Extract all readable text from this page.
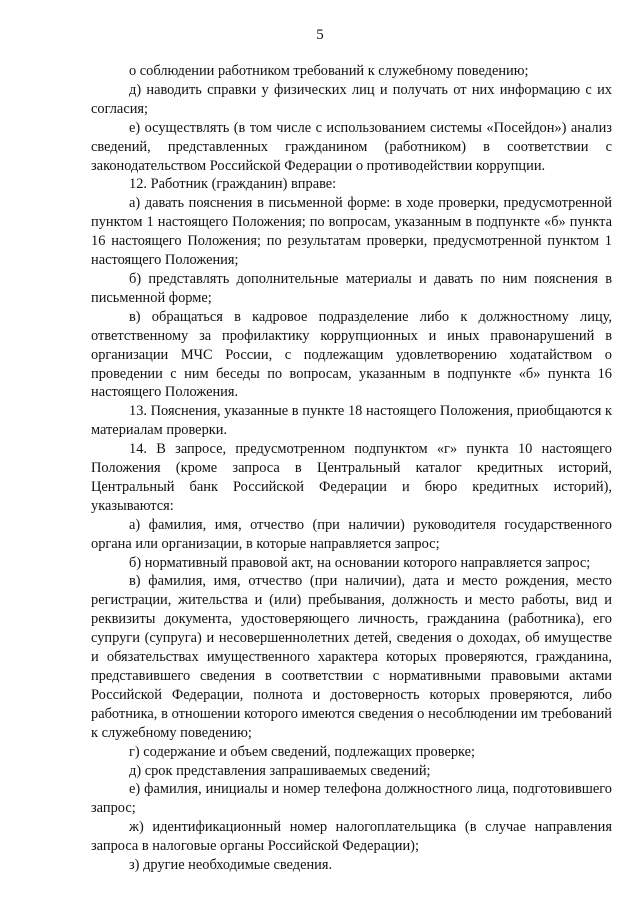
5

о соблюдении работником требований к служебному поведению;

д) наводить справки у физических лиц и получать от них информацию с их согласия;

е) осуществлять (в том числе с использованием системы «Посейдон») анализ сведений, представленных гражданином (работником) в соответствии с законодательством Российской Федерации о противодействии коррупции.

12. Работник (гражданин) вправе:

а) давать пояснения в письменной форме: в ходе проверки, предусмотренной пунктом 1 настоящего Положения; по вопросам, указанным в подпункте «б» пункта 16 настоящего Положения; по результатам проверки, предусмотренной пунктом 1 настоящего Положения;

б) представлять дополнительные материалы и давать по ним пояснения в письменной форме;

в) обращаться в кадровое подразделение либо к должностному лицу, ответственному за профилактику коррупционных и иных правонарушений в организации МЧС России, с подлежащим удовлетворению ходатайством о проведении с ним беседы по вопросам, указанным в подпункте «б» пункта 16 настоящего Положения.

13. Пояснения, указанные в пункте 18 настоящего Положения, приобщаются к материалам проверки.

14. В запросе, предусмотренном подпунктом «г» пункта 10 настоящего Положения (кроме запроса в Центральный каталог кредитных историй, Центральный банк Российской Федерации и бюро кредитных историй), указываются:

а) фамилия, имя, отчество (при наличии) руководителя государственного органа или организации, в которые направляется запрос;

б) нормативный правовой акт, на основании которого направляется запрос;

в) фамилия, имя, отчество (при наличии), дата и место рождения, место регистрации, жительства и (или) пребывания, должность и место работы, вид и реквизиты документа, удостоверяющего личность, гражданина (работника), его супруги (супруга) и несовершеннолетних детей, сведения о доходах, об имуществе и обязательствах имущественного характера которых проверяются, гражданина, представившего сведения в соответствии с нормативными правовыми актами Российской Федерации, полнота и достоверность которых проверяются, либо работника, в отношении которого имеются сведения о несоблюдении им требований к служебному поведению;

г) содержание и объем сведений, подлежащих проверке;

д) срок представления запрашиваемых сведений;

е) фамилия, инициалы и номер телефона должностного лица, подготовившего запрос;

ж) идентификационный номер налогоплательщика (в случае направления запроса в налоговые органы Российской Федерации);

з) другие необходимые сведения.
